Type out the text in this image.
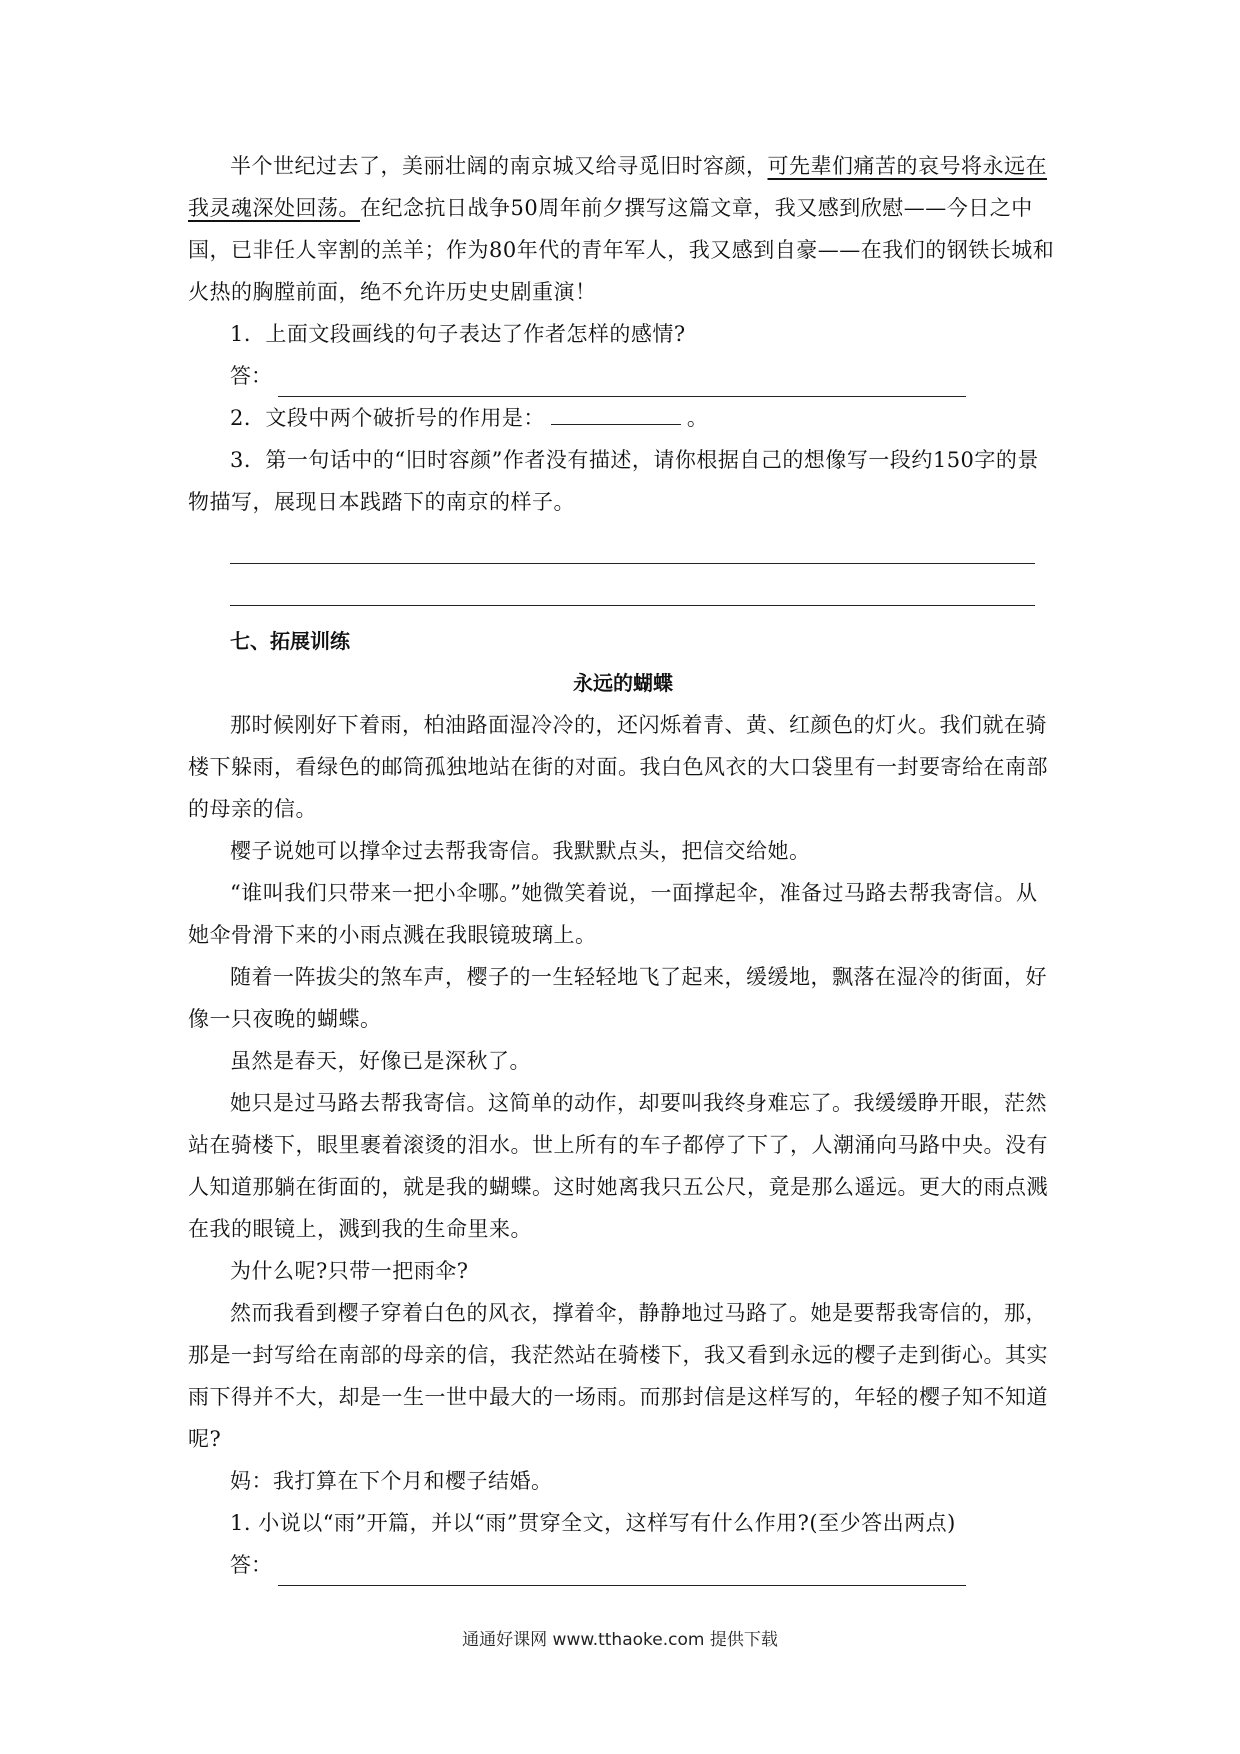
半个世纪过去了，美丽壮阔的南京城又给寻觅旧时容颜，可先辈们痛苦的哀号将永远在我灵魂深处回荡。在纪念抗日战争50周年前夕撰写这篇文章，我又感到欣慰——今日之中国，已非任人宰割的羔羊；作为80年代的青年军人，我又感到自豪——在我们的钢铁长城和火热的胸膛前面，绝不允许历史史剧重演！

1．上面文段画线的句子表达了作者怎样的感情?

答：

2．文段中两个破折号的作用是：	。

3．第一句话中的“旧时容颜”作者没有描述，请你根据自己的想像写一段约150字的景物描写，展现日本践踏下的南京的样子。

七、拓展训练
永远的蝴蝶

那时候刚好下着雨，柏油路面湿冷冷的，还闪烁着青、黄、红颜色的灯火。我们就在骑楼下躲雨，看绿色的邮筒孤独地站在街的对面。我白色风衣的大口袋里有一封要寄给在南部的母亲的信。

樱子说她可以撑伞过去帮我寄信。我默默点头，把信交给她。

“谁叫我们只带来一把小伞哪。”她微笑着说，一面撑起伞，准备过马路去帮我寄信。从她伞骨滑下来的小雨点溅在我眼镜玻璃上。

随着一阵拔尖的煞车声，樱子的一生轻轻地飞了起来，缓缓地，飘落在湿冷的街面，好像一只夜晚的蝴蝶。

虽然是春天，好像已是深秋了。

她只是过马路去帮我寄信。这简单的动作，却要叫我终身难忘了。我缓缓睁开眼，茫然站在骑楼下，眼里裹着滚烫的泪水。世上所有的车子都停了下了，人潮涌向马路中央。没有人知道那躺在街面的，就是我的蝴蝶。这时她离我只五公尺，竟是那么遥远。更大的雨点溅在我的眼镜上，溅到我的生命里来。

为什么呢?只带一把雨伞?

然而我看到樱子穿着白色的风衣，撑着伞，静静地过马路了。她是要帮我寄信的，那，那是一封写给在南部的母亲的信，我茫然站在骑楼下，我又看到永远的樱子走到街心。其实雨下得并不大，却是一生一世中最大的一场雨。而那封信是这样写的，年轻的樱子知不知道呢?

妈：我打算在下个月和樱子结婚。

1. 小说以“雨”开篇，并以“雨”贯穿全文，这样写有什么作用?(至少答出两点)

答：
通通好课网 www.tthaoke.com 提供下载
